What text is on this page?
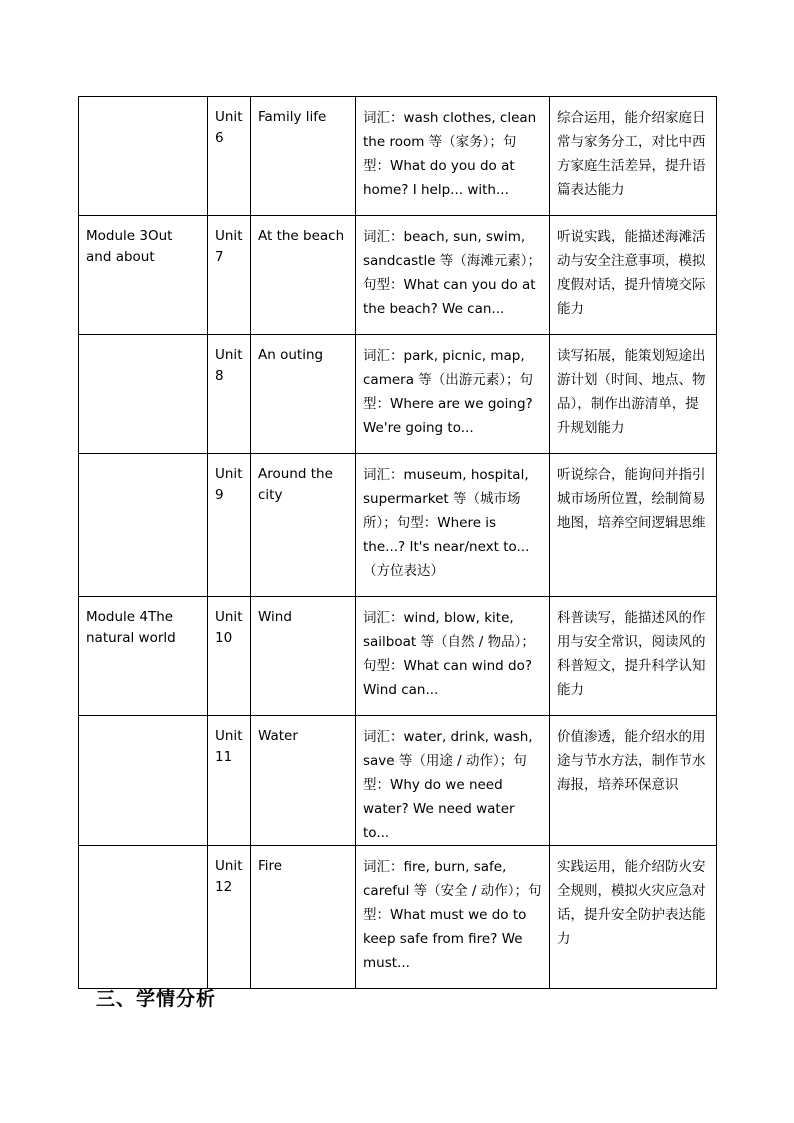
	Unit 6	Family life	词汇：wash clothes, clean the room 等（家务）；句型：What do you do at home? I help... with...	综合运用，能介绍家庭日常与家务分工，对比中西方家庭生活差异，提升语篇表达能力
Module 3Out and about	Unit 7	At the beach	词汇：beach, sun, swim, sandcastle 等（海滩元素）；句型：What can you do at the beach? We can...	听说实践，能描述海滩活动与安全注意事项，模拟度假对话，提升情境交际能力
	Unit 8	An outing	词汇：park, picnic, map, camera 等（出游元素）；句型：Where are we going? We're going to...	读写拓展，能策划短途出游计划（时间、地点、物品），制作出游清单，提升规划能力
	Unit 9	Around the city	词汇：museum, hospital, supermarket 等（城市场所）；句型：Where is the...? It's near/next to...（方位表达）	听说综合，能询问并指引城市场所位置，绘制简易地图，培养空间逻辑思维
Module 4The natural world	Unit 10	Wind	词汇：wind, blow, kite, sailboat 等（自然 / 物品）；句型：What can wind do? Wind can...	科普读写，能描述风的作用与安全常识，阅读风的科普短文，提升科学认知能力
	Unit 11	Water	词汇：water, drink, wash, save 等（用途 / 动作）；句型：Why do we need water? We need water to...	价值渗透，能介绍水的用途与节水方法，制作节水海报，培养环保意识
	Unit 12	Fire	词汇：fire, burn, safe, careful 等（安全 / 动作）；句型：What must we do to keep safe from fire? We must...	实践运用，能介绍防火安全规则，模拟火灾应急对话，提升安全防护表达能力
三、学情分析
